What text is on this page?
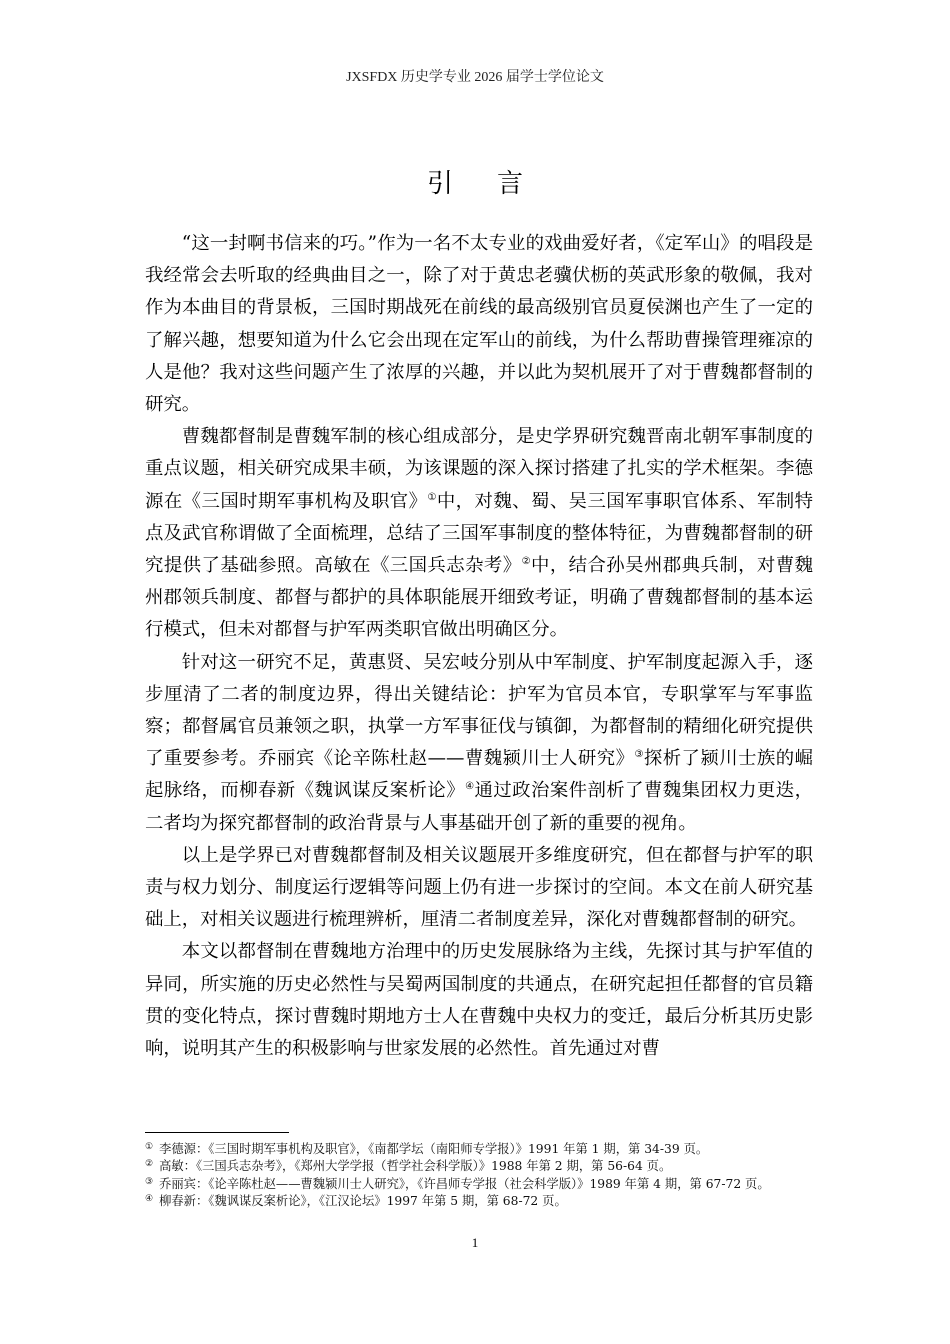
JXSFDX 历史学专业 2026 届学士学位论文
引言

“这一封啊书信来的巧。”作为一名不太专业的戏曲爱好者，《定军山》的唱段是我经常会去听取的经典曲目之一，除了对于黄忠老骥伏枥的英武形象的敬佩，我对作为本曲目的背景板，三国时期战死在前线的最高级别官员夏侯渊也产生了一定的了解兴趣，想要知道为什么它会出现在定军山的前线，为什么帮助曹操管理雍凉的人是他？我对这些问题产生了浓厚的兴趣，并以此为契机展开了对于曹魏都督制的研究。

曹魏都督制是曹魏军制的核心组成部分，是史学界研究魏晋南北朝军事制度的重点议题，相关研究成果丰硕，为该课题的深入探讨搭建了扎实的学术框架。李德源在《三国时期军事机构及职官》①中，对魏、蜀、吴三国军事职官体系、军制特点及武官称谓做了全面梳理，总结了三国军事制度的整体特征，为曹魏都督制的研究提供了基础参照。高敏在《三国兵志杂考》②中，结合孙吴州郡典兵制，对曹魏州郡领兵制度、都督与都护的具体职能展开细致考证，明确了曹魏都督制的基本运行模式，但未对都督与护军两类职官做出明确区分。

针对这一研究不足，黄惠贤、吴宏岐分别从中军制度、护军制度起源入手，逐步厘清了二者的制度边界，得出关键结论：护军为官员本官，专职掌军与军事监察；都督属官员兼领之职，执掌一方军事征伐与镇御，为都督制的精细化研究提供了重要参考。乔丽宾《论辛陈杜赵——曹魏颍川士人研究》③探析了颍川士族的崛起脉络，而柳春新《魏讽谋反案析论》④通过政治案件剖析了曹魏集团权力更迭，二者均为探究都督制的政治背景与人事基础开创了新的重要的视角。

以上是学界已对曹魏都督制及相关议题展开多维度研究，但在都督与护军的职责与权力划分、制度运行逻辑等问题上仍有进一步探讨的空间。本文在前人研究基础上，对相关议题进行梳理辨析，厘清二者制度差异，深化对曹魏都督制的研究。

本文以都督制在曹魏地方治理中的历史发展脉络为主线，先探讨其与护军值的异同，所实施的历史必然性与吴蜀两国制度的共通点，在研究起担任都督的官员籍贯的变化特点，探讨曹魏时期地方士人在曹魏中央权力的变迁，最后分析其历史影响，说明其产生的积极影响与世家发展的必然性。首先通过对曹

① 李德源：《三国时期军事机构及职官》，《南都学坛（南阳师专学报）》1991 年第 1 期，第 34-39 页。
② 高敏：《三国兵志杂考》，《郑州大学学报（哲学社会科学版）》1988 年第 2 期，第 56-64 页。
③ 乔丽宾：《论辛陈杜赵——曹魏颍川士人研究》，《许昌师专学报（社会科学版）》1989 年第 4 期，第 67-72 页。
④ 柳春新：《魏讽谋反案析论》，《江汉论坛》1997 年第 5 期，第 68-72 页。
1
